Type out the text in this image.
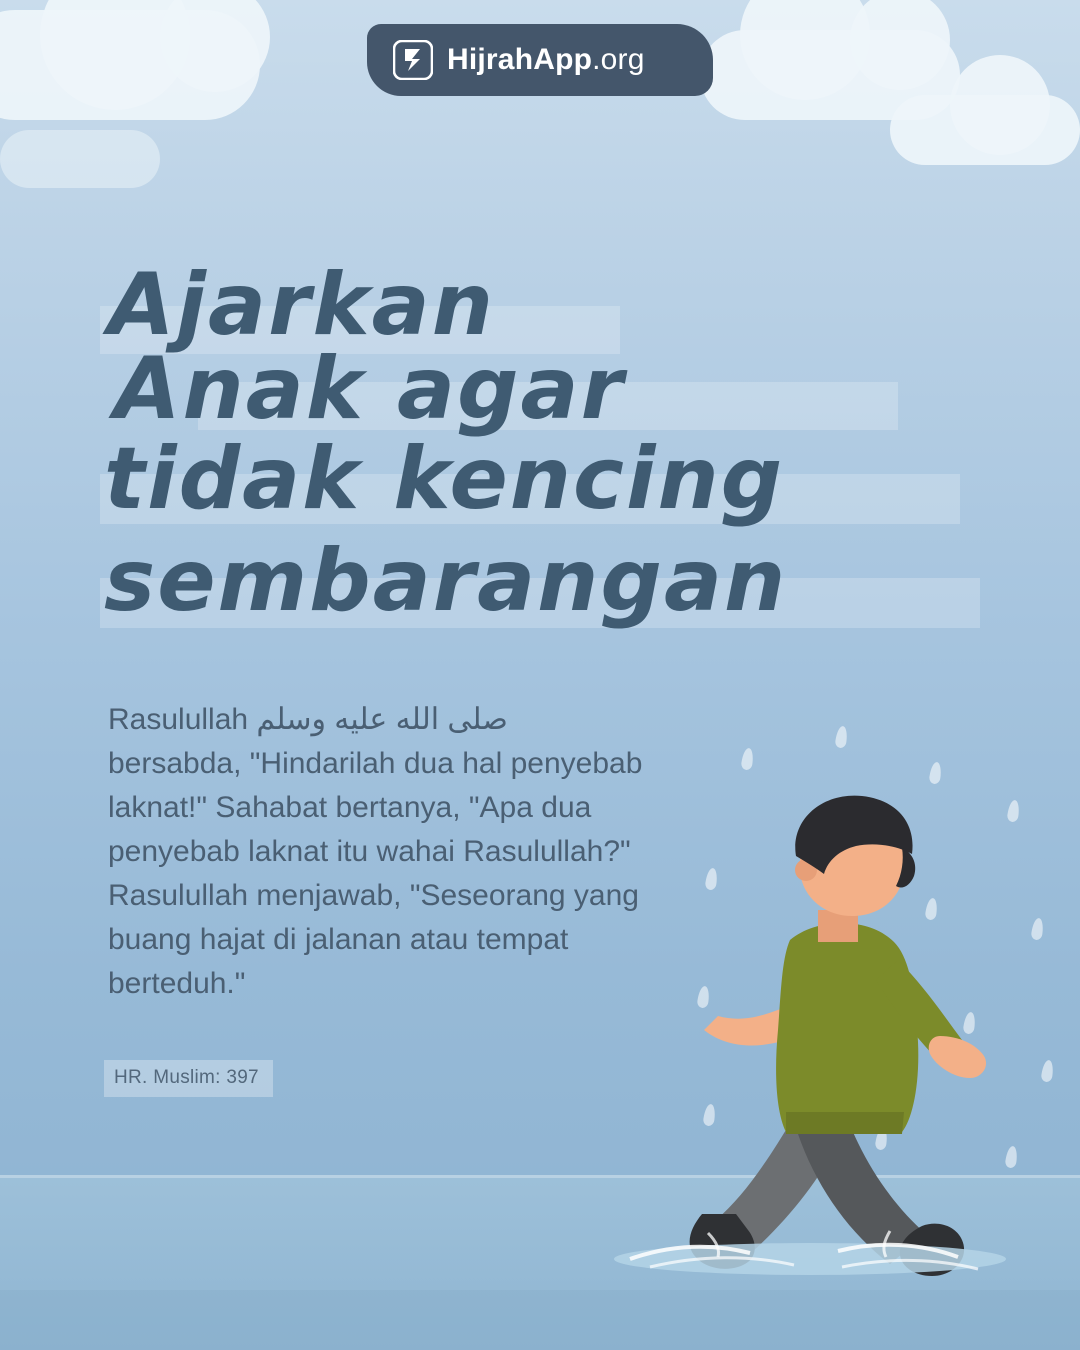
HijrahApp.org
Ajarkan
Anak agar
tidak kencing
sembarangan

Rasulullah صلى الله عليه وسلم bersabda, "Hindarilah dua hal penyebab laknat!" Sahabat bertanya, "Apa dua penyebab laknat itu wahai Rasulullah?" Rasulullah menjawab, "Seseorang yang buang hajat di jalanan atau tempat berteduh."

HR. Muslim: 397
